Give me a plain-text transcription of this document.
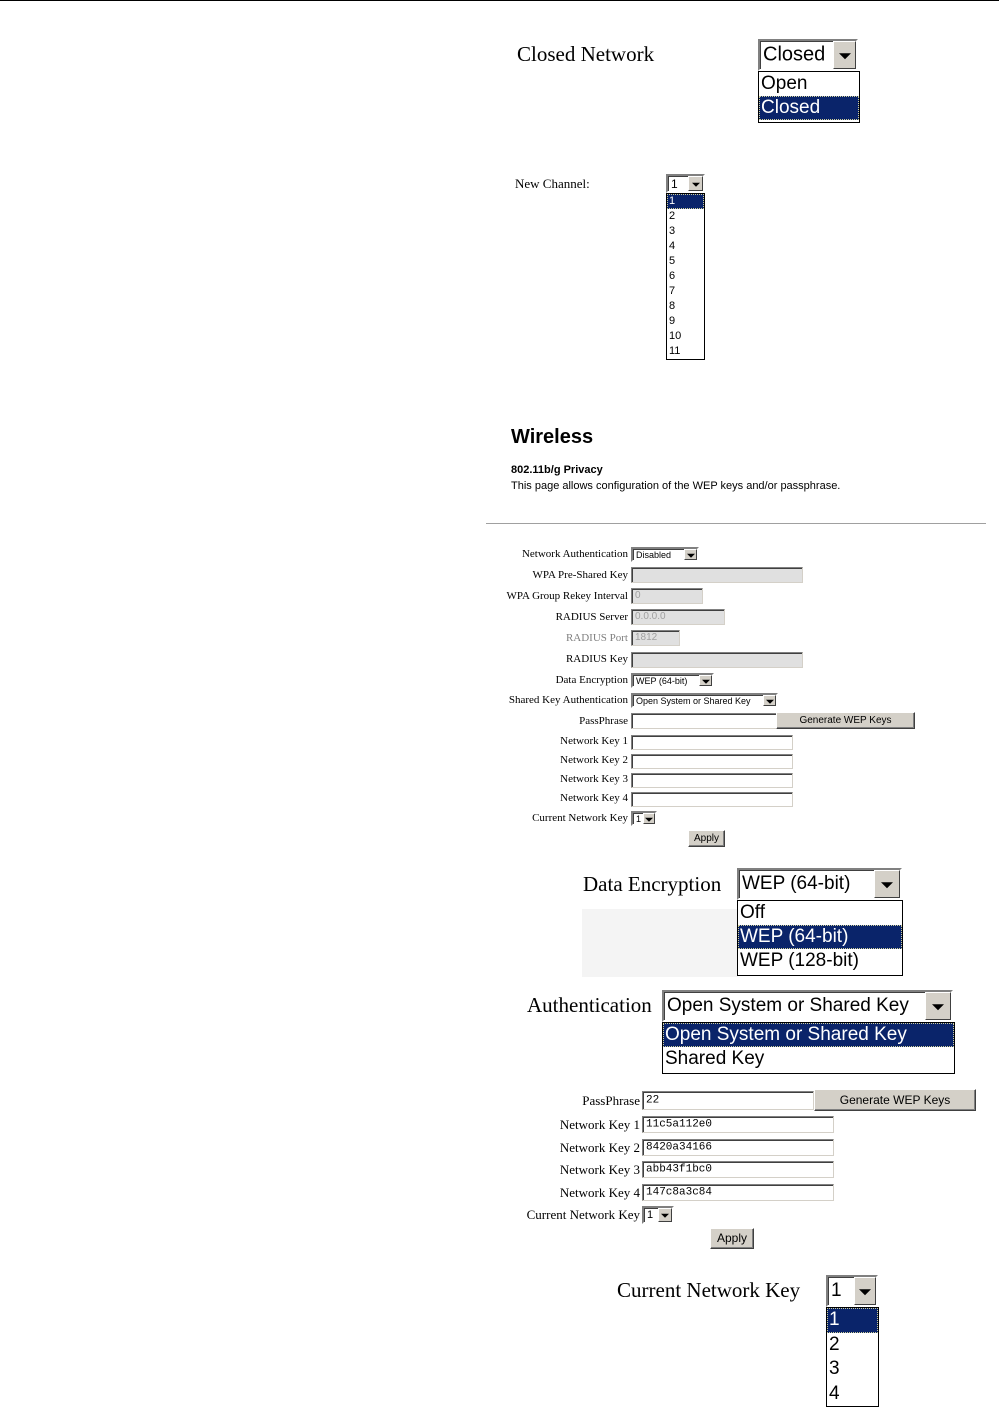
Closed Network	Closed
Open
Closed
New Channel:	1
1
2
3
4
5
6
7
8
9
10
11
Wireless
802.11b/g Privacy
This page allows configuration of the WEP keys and/or passphrase.
Network Authentication Disabled
WPA Pre-Shared Key
WPA Group Rekey Interval 0
RADIUS Server 0.0.0.0
RADIUS Port 1812
RADIUS Key
Data Encryption WEP (64-bit)
Shared Key Authentication Open System or Shared Key
PassPhrase	Generate WEP Keys
Network Key 1
Network Key 2
Network Key 3
Network Key 4
Current Network Key 1
Apply
Data Encryption WEP (64-bit)
Off
WEP (64-bit)
WEP (128-bit)
Authentication Open System or Shared Key
Open System or Shared Key
Shared Key
PassPhrase 22	Generate WEP Keys
Network Key 1 11c5a112e0
Network Key 2 8420a34166
Network Key 3 abb43f1bc0
Network Key 4 147c8a3c84
Current Network Key 1
Apply
Current Network Key 1
1
2
3
4
